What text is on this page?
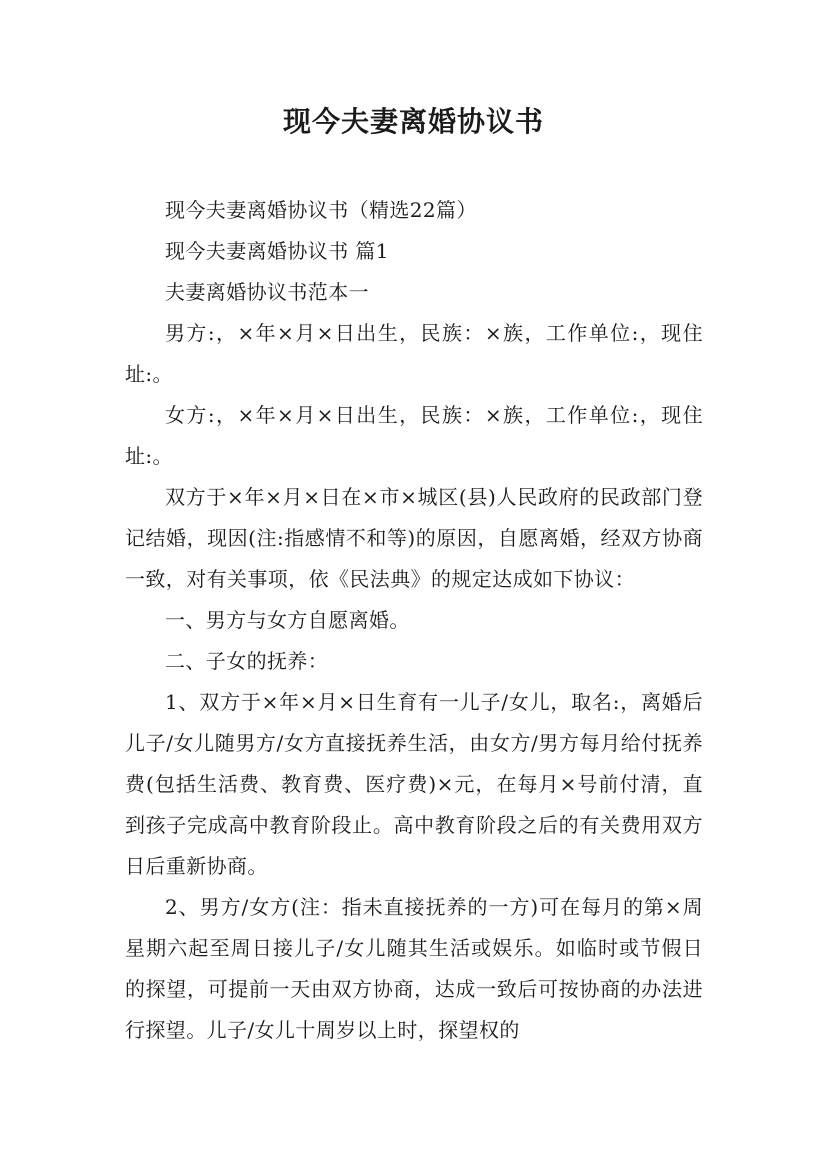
现今夫妻离婚协议书

现今夫妻离婚协议书（精选22篇）

现今夫妻离婚协议书 篇1

夫妻离婚协议书范本一

男方:，×年×月×日出生，民族：×族，工作单位:，现住址:。

女方:，×年×月×日出生，民族：×族，工作单位:，现住址:。

双方于×年×月×日在×市×城区(县)人民政府的民政部门登记结婚，现因(注:指感情不和等)的原因，自愿离婚，经双方协商一致，对有关事项，依《民法典》的规定达成如下协议：

一、男方与女方自愿离婚。

二、子女的抚养：

1、双方于×年×月×日生育有一儿子/女儿，取名:，离婚后儿子/女儿随男方/女方直接抚养生活，由女方/男方每月给付抚养费(包括生活费、教育费、医疗费)×元，在每月×号前付清，直到孩子完成高中教育阶段止。高中教育阶段之后的有关费用双方日后重新协商。

2、男方/女方(注：指未直接抚养的一方)可在每月的第×周星期六起至周日接儿子/女儿随其生活或娱乐。如临时或节假日的探望，可提前一天由双方协商，达成一致后可按协商的办法进行探望。儿子/女儿十周岁以上时，探望权的
